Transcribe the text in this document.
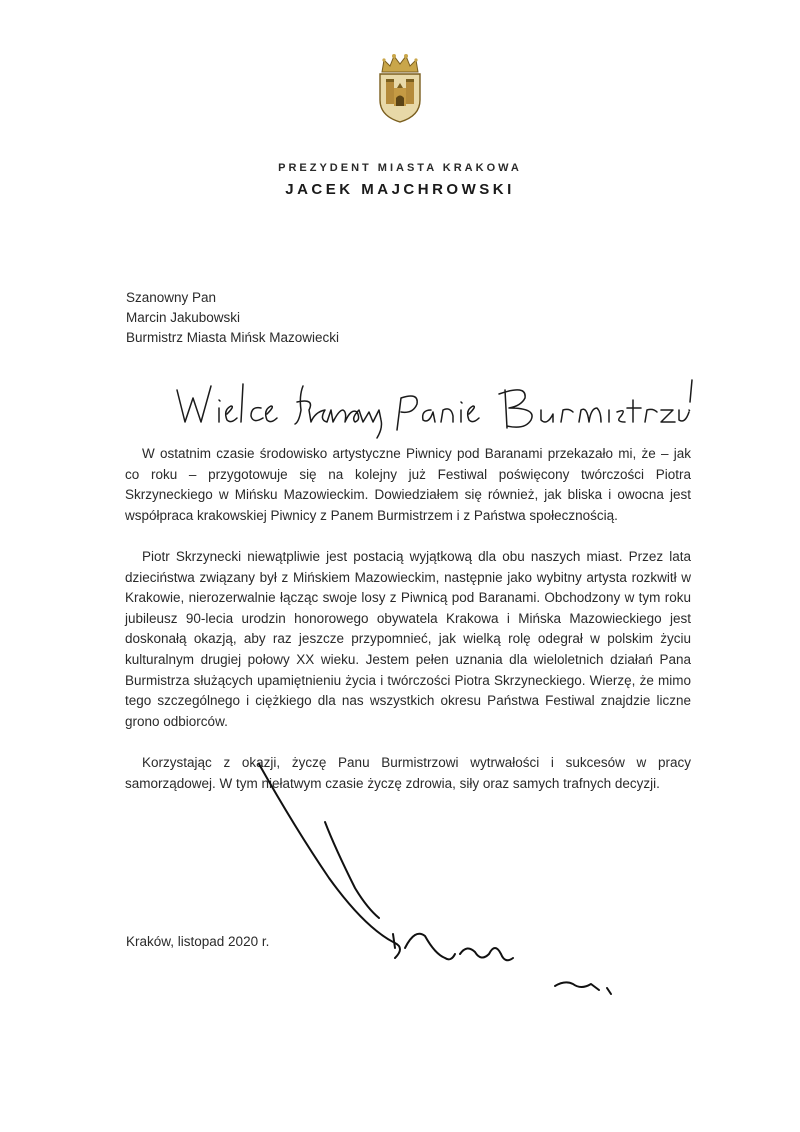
PREZYDENT MIASTA KRAKOWA
JACEK MAJCHROWSKI
Szanowny Pan
Marcin Jakubowski
Burmistrz Miasta Mińsk Mazowiecki

W ostatnim czasie środowisko artystyczne Piwnicy pod Baranami przekazało mi, że – jak co roku – przygotowuje się na kolejny już Festiwal poświęcony twórczości Piotra Skrzyneckiego w Mińsku Mazowieckim. Dowiedziałem się również, jak bliska i owocna jest współpraca krakowskiej Piwnicy z Panem Burmistrzem i z Państwa społecznością.

Piotr Skrzynecki niewątpliwie jest postacią wyjątkową dla obu naszych miast. Przez lata dzieciństwa związany był z Mińskiem Mazowieckim, następnie jako wybitny artysta rozkwitł w Krakowie, nierozerwalnie łącząc swoje losy z Piwnicą pod Baranami. Obchodzony w tym roku jubileusz 90-lecia urodzin honorowego obywatela Krakowa i Mińska Mazowieckiego jest doskonałą okazją, aby raz jeszcze przypomnieć, jak wielką rolę odegrał w polskim życiu kulturalnym drugiej połowy XX wieku. Jestem pełen uznania dla wieloletnich działań Pana Burmistrza służących upamiętnieniu życia i twórczości Piotra Skrzyneckiego. Wierzę, że mimo tego szczególnego i ciężkiego dla nas wszystkich okresu Państwa Festiwal znajdzie liczne grono odbiorców.

Korzystając z okazji, życzę Panu Burmistrzowi wytrwałości i sukcesów w pracy samorządowej. W tym niełatwym czasie życzę zdrowia, siły oraz samych trafnych decyzji.

Kraków, listopad 2020 r.
